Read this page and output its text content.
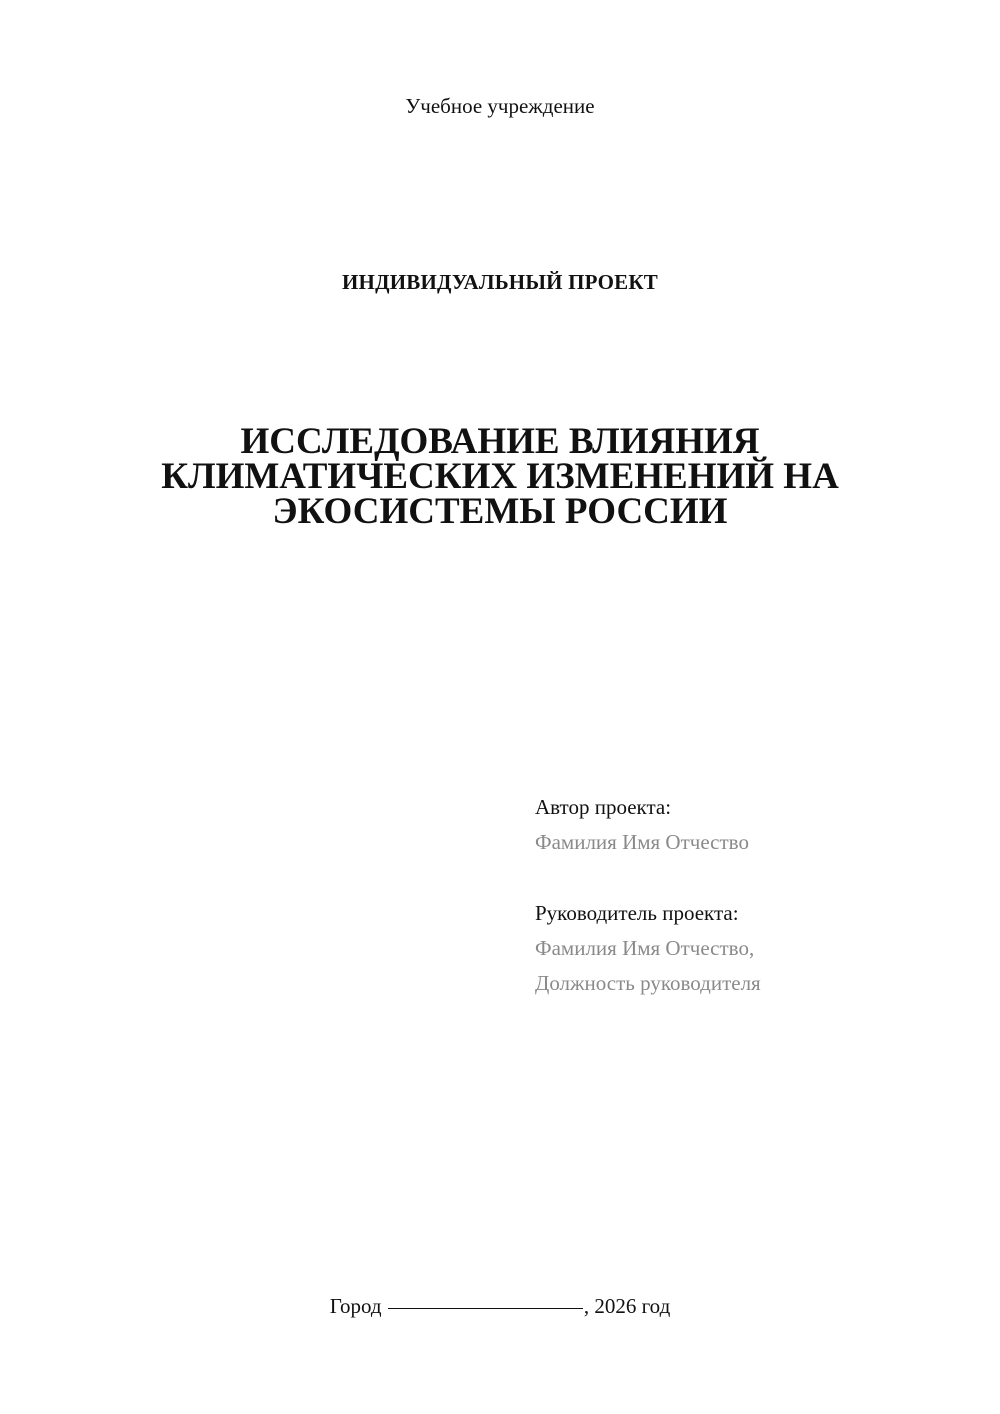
Учебное учреждение
ИНДИВИДУАЛЬНЫЙ ПРОЕКТ
ИССЛЕДОВАНИЕ ВЛИЯНИЯ
КЛИМАТИЧЕСКИХ ИЗМЕНЕНИЙ НА
ЭКОСИСТЕМЫ РОССИИ
Автор проекта:
Фамилия Имя Отчество
Руководитель проекта:
Фамилия Имя Отчество,
Должность руководителя
Город	, 2026 год
